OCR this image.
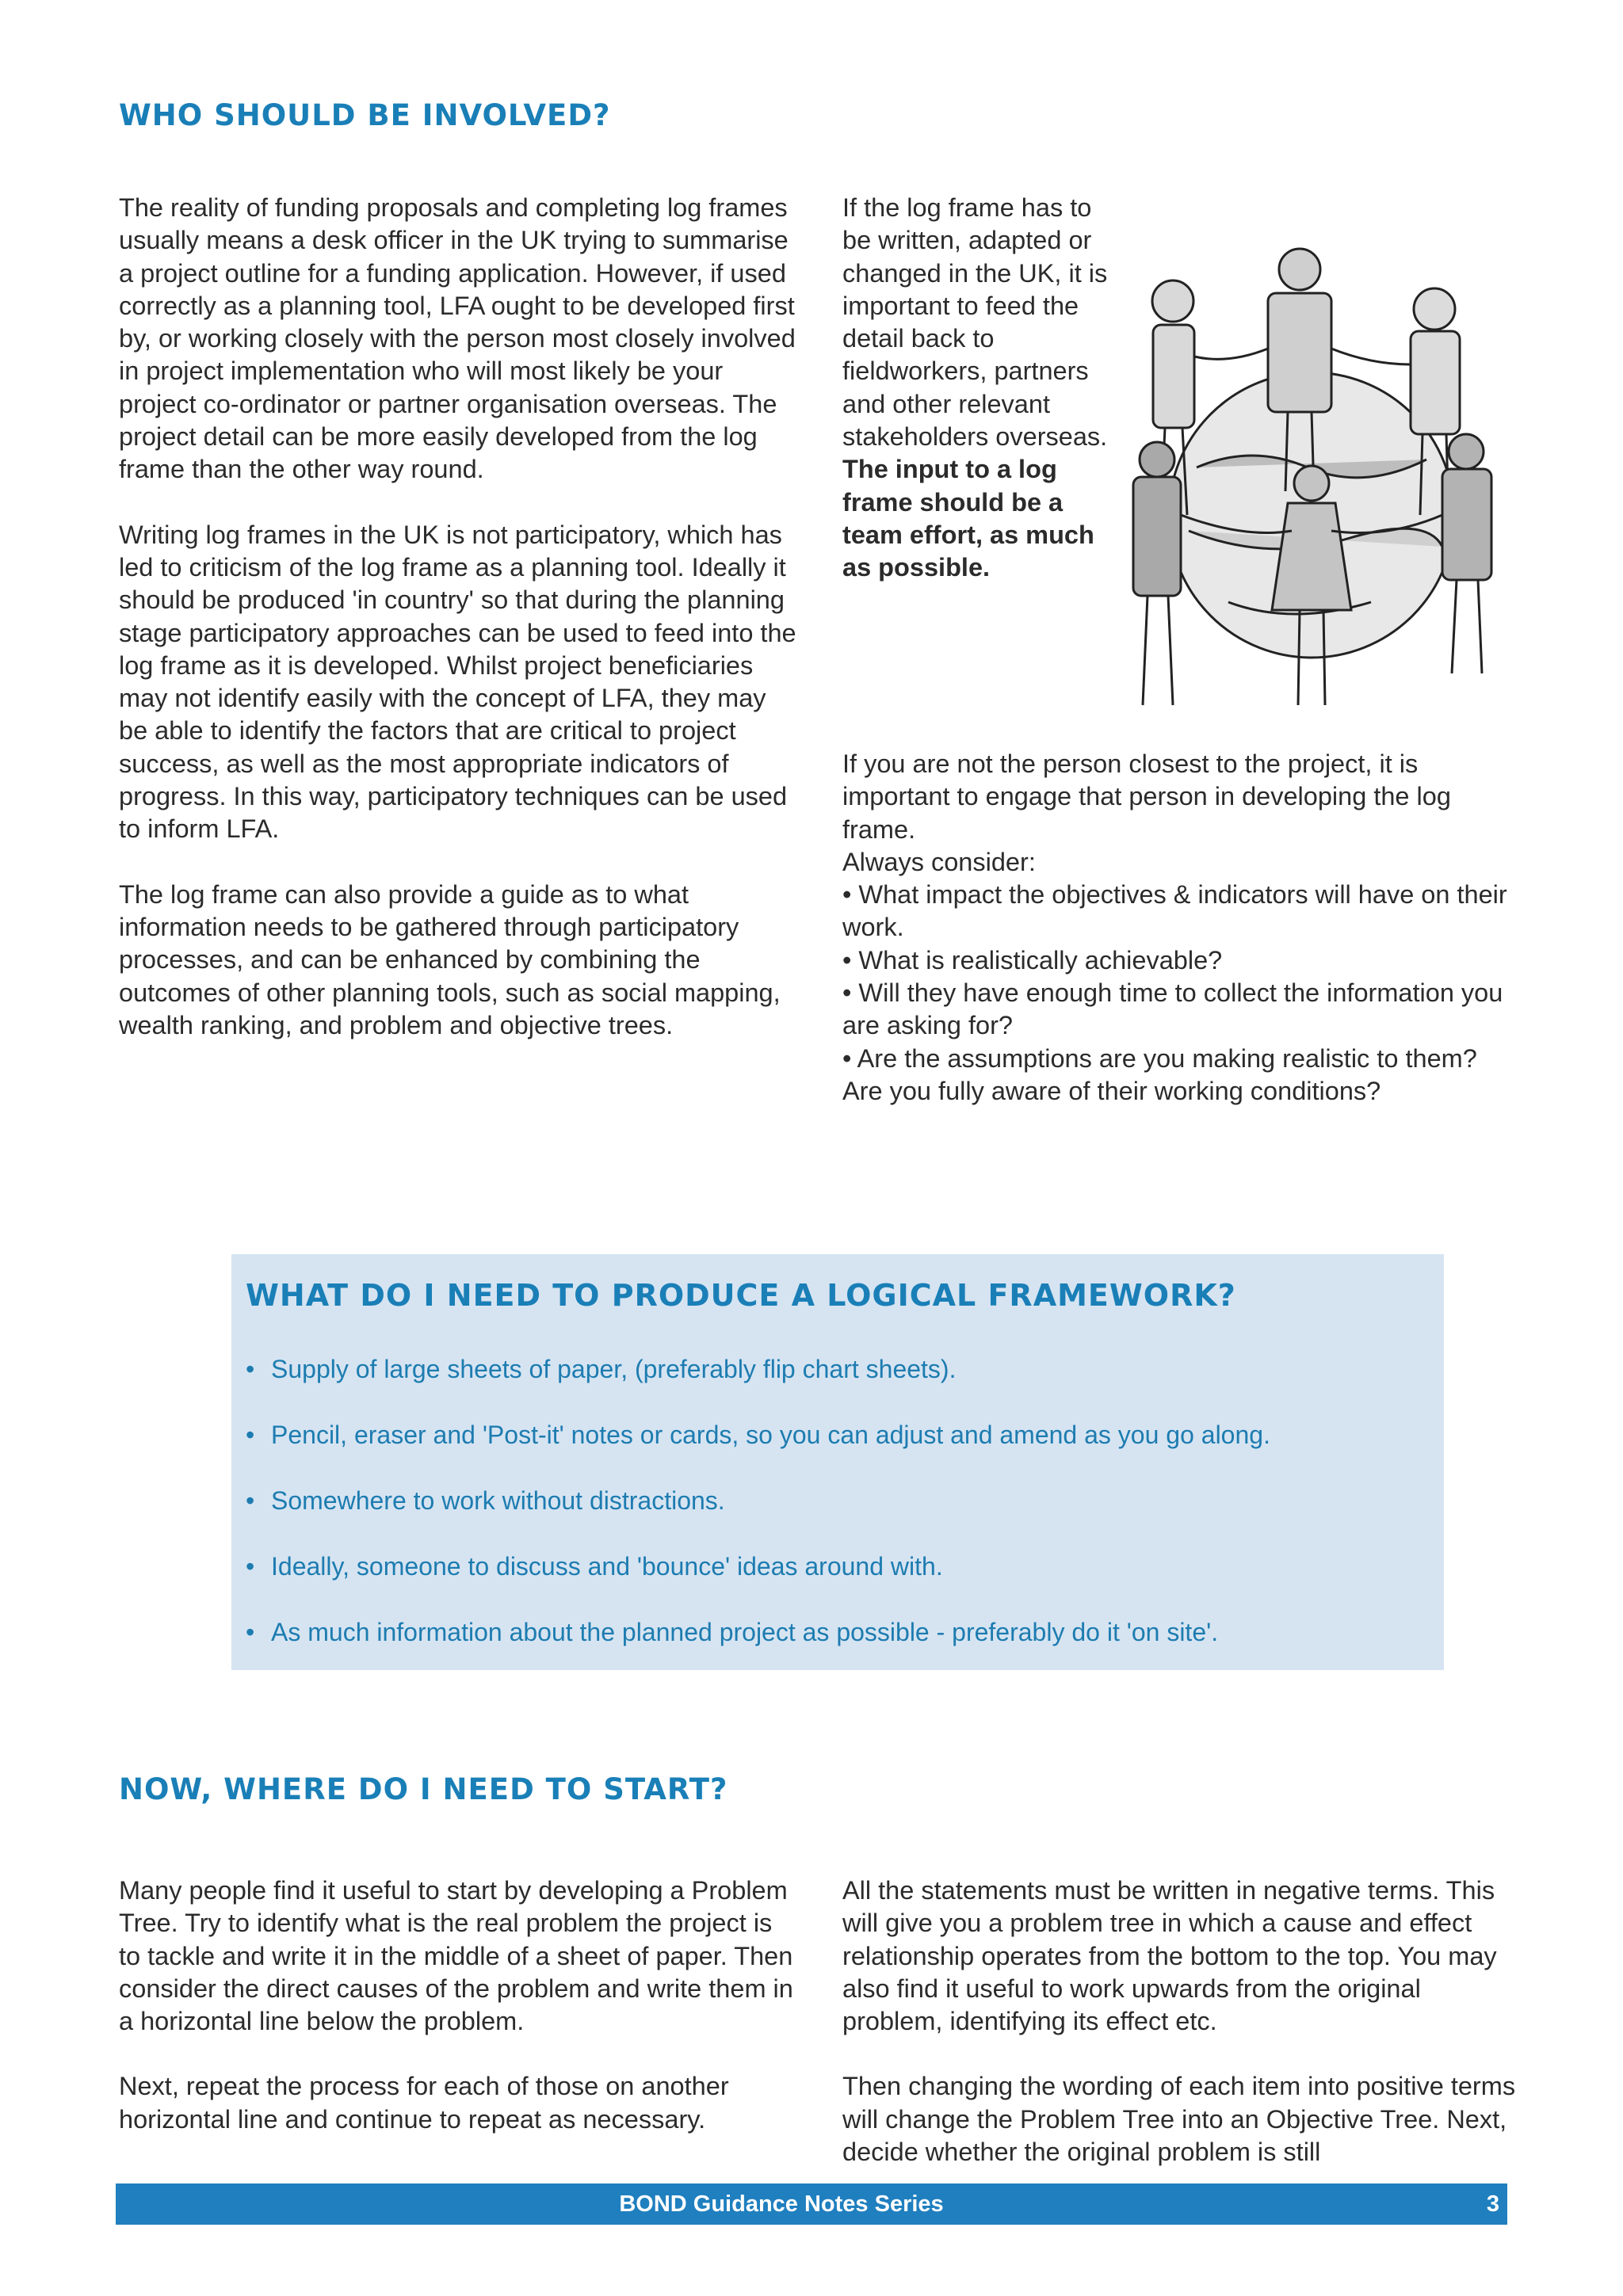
WHO SHOULD BE INVOLVED?

The reality of funding proposals and completing log frames usually means a desk officer in the UK trying to summarise a project outline for a funding application. However, if used correctly as a planning tool, LFA ought to be developed first by, or working closely with the person most closely involved in project implementation who will most likely be your project co-ordinator or partner organisation overseas. The project detail can be more easily developed from the log frame than the other way round.

Writing log frames in the UK is not participatory, which has led to criticism of the log frame as a planning tool. Ideally it should be produced 'in country' so that during the planning stage participatory approaches can be used to feed into the log frame as it is developed. Whilst project beneficiaries may not identify easily with the concept of LFA, they may be able to identify the factors that are critical to project success, as well as the most appropriate indicators of progress. In this way, participatory techniques can be used to inform LFA.

The log frame can also provide a guide as to what information needs to be gathered through participatory processes, and can be enhanced by combining the outcomes of other planning tools, such as social mapping, wealth ranking, and problem and objective trees.

If the log frame has to be written, adapted or changed in the UK, it is important to feed the detail back to fieldworkers, partners and other relevant stakeholders overseas. The input to a log frame should be a team effort, as much as possible.
If you are not the person closest to the project, it is important to engage that person in developing the log frame.
Always consider:
• What impact the objectives & indicators will have on their work.
• What is realistically achievable?
• Will they have enough time to collect the information you are asking for?
• Are the assumptions are you making realistic to them? Are you fully aware of their working conditions?
WHAT DO I NEED TO PRODUCE A LOGICAL FRAMEWORK?
• Supply of large sheets of paper, (preferably flip chart sheets).
• Pencil, eraser and 'Post-it' notes or cards, so you can adjust and amend as you go along.
• Somewhere to work without distractions.
• Ideally, someone to discuss and 'bounce' ideas around with.
• As much information about the planned project as possible - preferably do it 'on site'.
NOW, WHERE DO I NEED TO START?

Many people find it useful to start by developing a Problem Tree. Try to identify what is the real problem the project is to tackle and write it in the middle of a sheet of paper. Then consider the direct causes of the problem and write them in a horizontal line below the problem.

Next, repeat the process for each of those on another horizontal line and continue to repeat as necessary.

All the statements must be written in negative terms. This will give you a problem tree in which a cause and effect relationship operates from the bottom to the top. You may also find it useful to work upwards from the original problem, identifying its effect etc.

Then changing the wording of each item into positive terms will change the Problem Tree into an Objective Tree. Next, decide whether the original problem is still

BOND Guidance Notes Series	3
